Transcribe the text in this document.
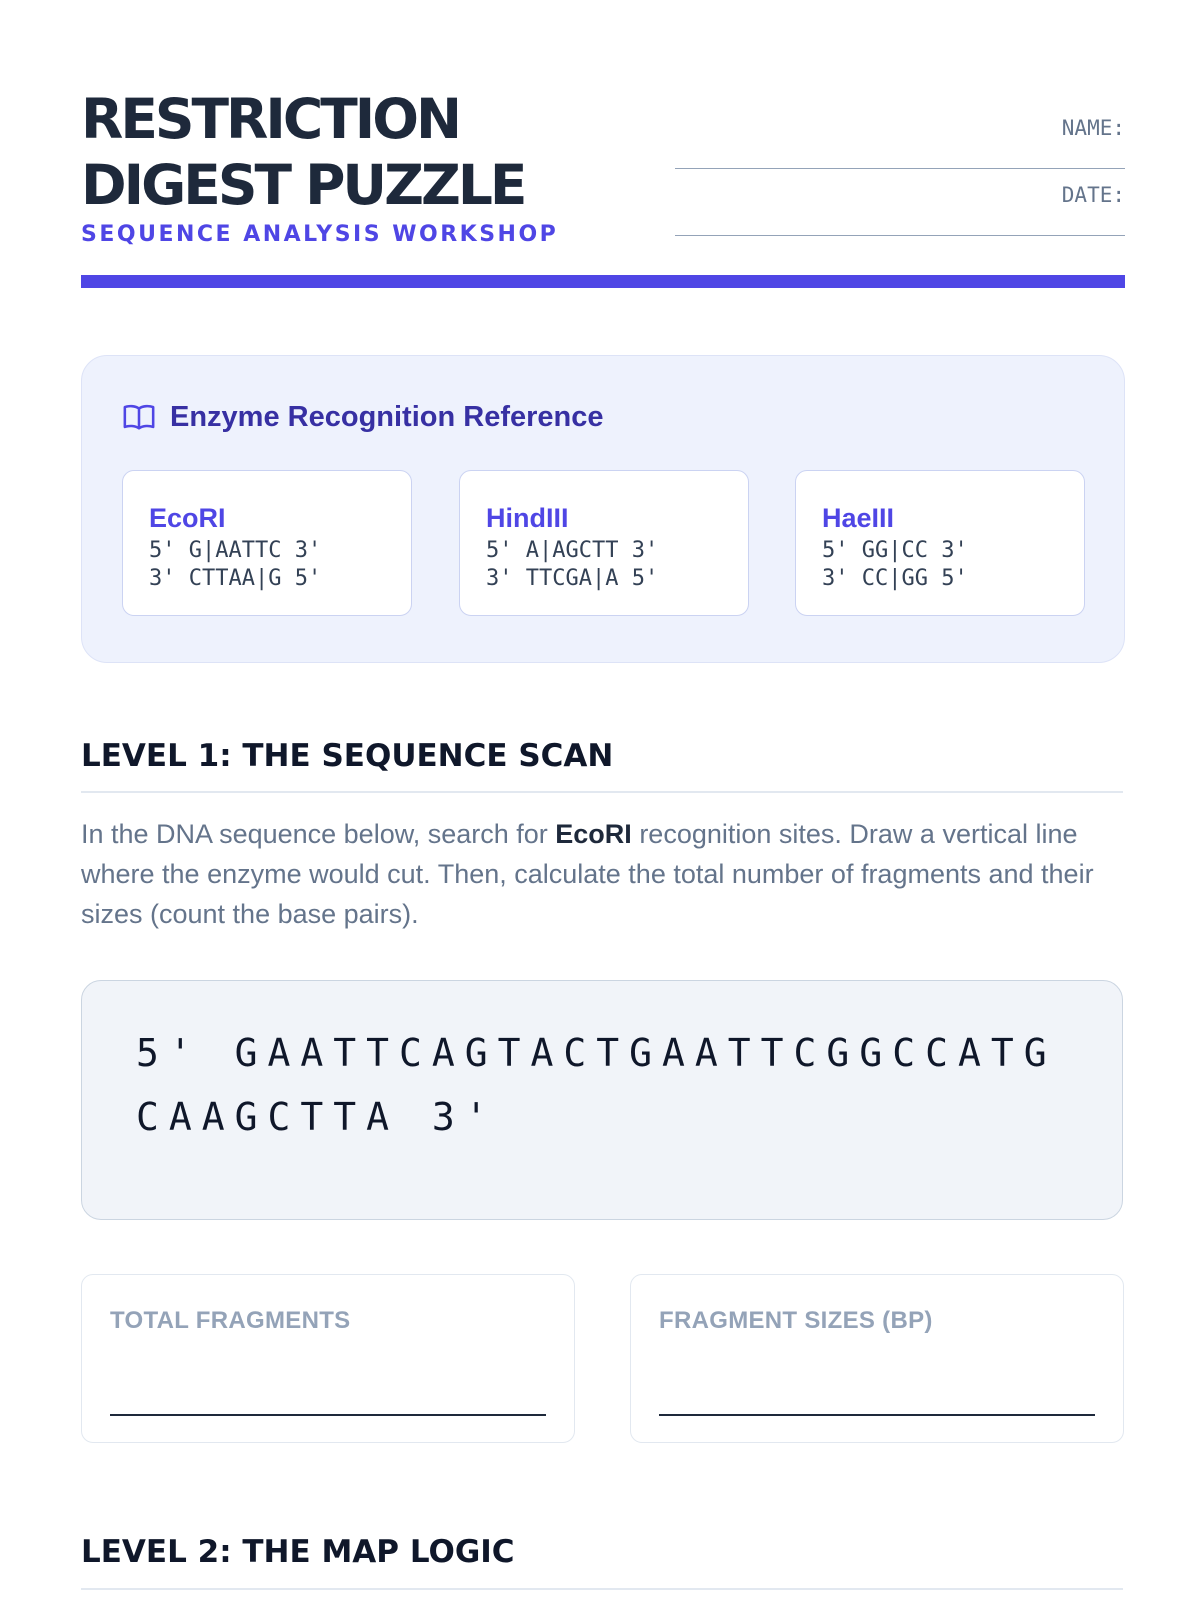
RESTRICTION
DIGEST PUZZLE
SEQUENCE ANALYSIS WORKSHOP
NAME:
DATE:
Enzyme Recognition Reference
EcoRI
5' G|AATTC 3'
3' CTTAA|G 5'
HindIII
5' A|AGCTT 3'
3' TTCGA|A 5'
HaeIII
5' GG|CC 3'
3' CC|GG 5'
LEVEL 1: THE SEQUENCE SCAN
In the DNA sequence below, search for EcoRI recognition sites. Draw a vertical line where the enzyme would cut. Then, calculate the total number of fragments and their sizes (count the base pairs).
5' GAATTCAGTACTGAATTCGGCCATGCAAGCTTA 3'
TOTAL FRAGMENTS	FRAGMENT SIZES (BP)
LEVEL 2: THE MAP LOGIC
